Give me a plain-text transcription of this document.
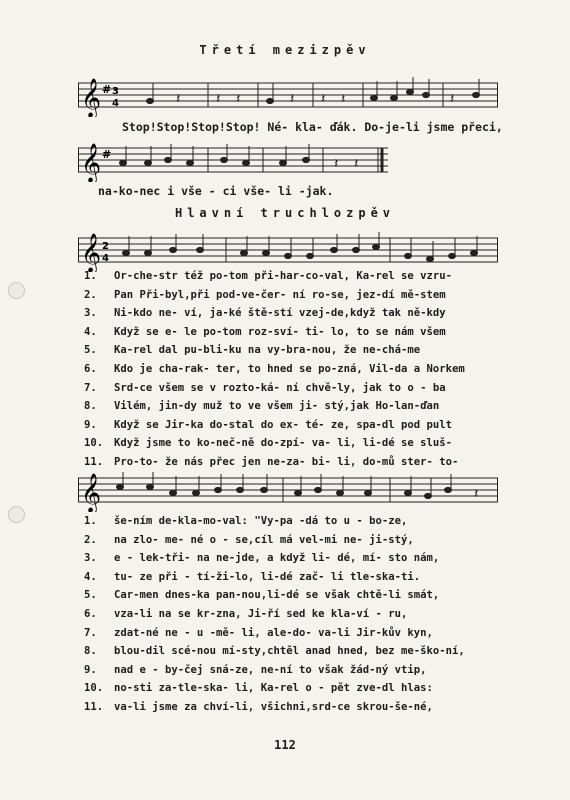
Třetí mezizpěv
𝄞 # 3
4	𝄽	𝄽 𝄽	𝄽 𝄽 𝄽	𝄽
Stop!Stop!Stop!Stop! Né- kla- ďák. Do-je-li jsme přeci,
𝄞 #
𝄽 𝄽
na-ko-nec i vše - ci vše- li -jak.
Hlavní truchlozpěv
𝄞 2
4
1.	Or-che-str též po-tom při-har-co-val, Ka-rel se vzru-
2.	Pan Při-byl,při pod-ve-čer- ní ro-se, jez-dí mě-stem
3.	Ni-kdo ne- ví, ja-ké ště-stí vzej-de,když tak ně-kdy
4.	Když se e- le po-tom roz-sví- ti- lo, to se nám všem
5.	Ka-rel dal pu-bli-ku na vy-bra-nou, že ne-chá-me
6.	Kdo je cha-rak- ter, to hned se po-zná, Vil-da a Norkem
7.	Srd-ce všem se v rozto-ká- ní chvě-ly, jak to o - ba
8.	Vilém, jin-dy muž to ve všem ji- stý,jak Ho-lan-ďan
9.	Když se Jir-ka do-stal do ex- té- ze, spa-dl pod pult
10. Když jsme to ko-neč-ně do-zpí- va- li, li-dé se sluš-
11. Pro-to- že nás přec jen ne-za- bi- li, do-mů ster- to-
𝄞	𝄽
1.	še-ním de-kla-mo-val: "Vy-pa -dá to u - bo-ze,
2.	na zlo- me- né o - se,cíl má vel-mi ne- ji-stý,
3.	e - lek-tři- na ne-jde, a když li- dé, mí- sto nám,
4.	tu- ze při - tí-ži-lo, li-dé zač- li tle-ska-ti.
5.	Car-men dnes-ka pan-nou,li-dé se však chtě-li smát,
6.	vza-li na se kr-zna, Ji-ří sed ke kla-ví - ru,
7.	zdat-né ne - u -mě- li, ale-do- va-li Jir-kův kyn,
8.	blou-dil scé-nou mí-sty,chtěl anad hned, bez me-ško-ní,
9.	nad e - by-čej sná-ze, ne-ní to však žád-ný vtip,
10. no-sti za-tle-ska- li, Ka-rel o - pět zve-dl hlas:
11. va-li jsme za chví-li, všichni,srd-ce skrou-še-né,
112
